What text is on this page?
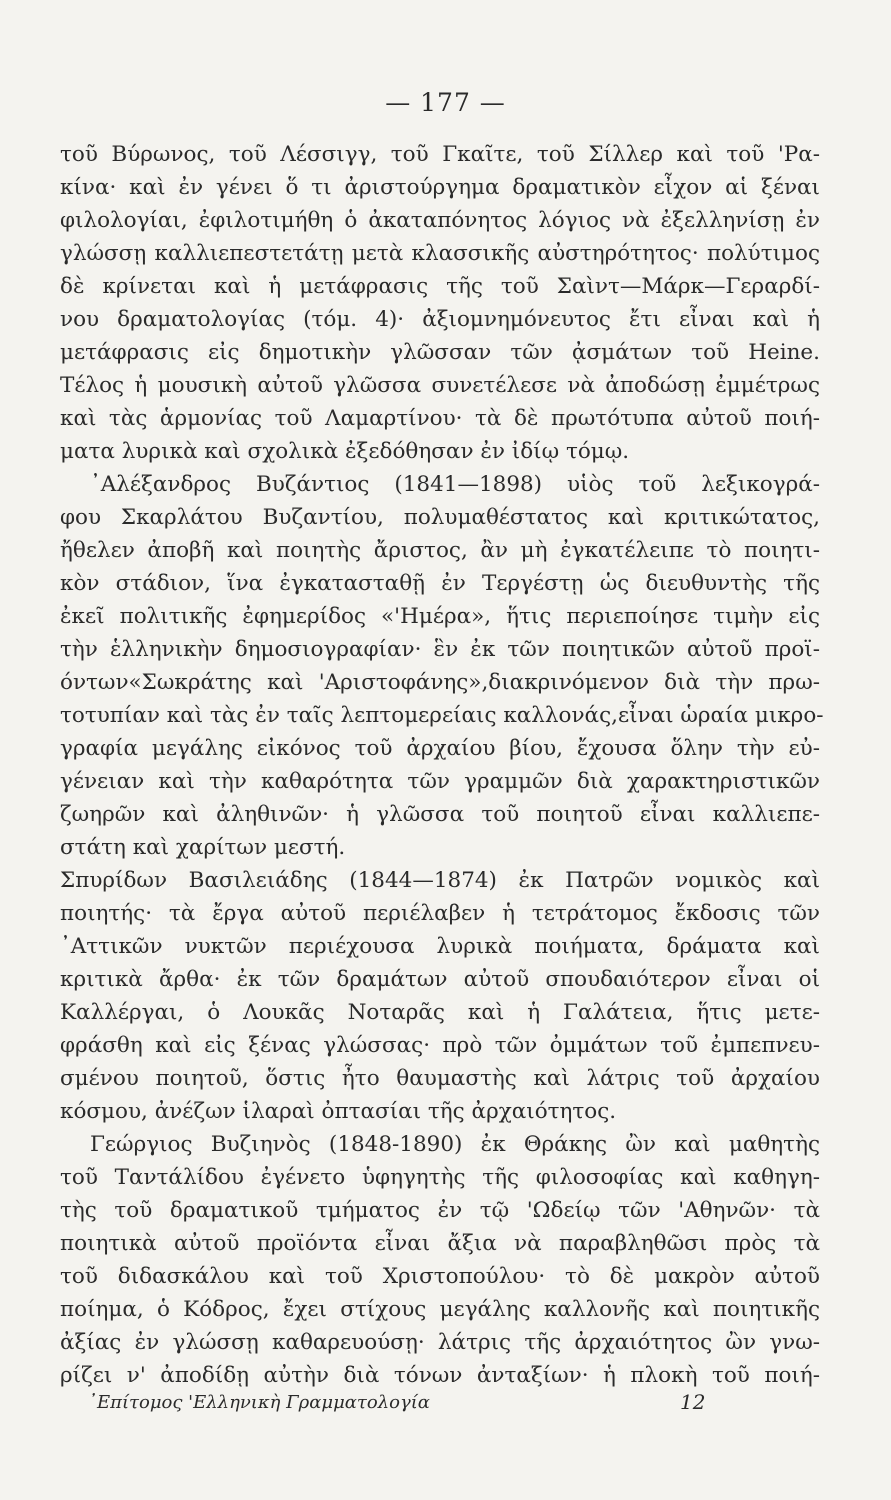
— 177 —
τοῦ Βύρωνος, τοῦ Λέσσιγγ, τοῦ Γκαῖτε, τοῦ Σίλλερ καὶ τοῦ 'Ρα-
κίνα· καὶ ἐν γένει ὅ τι ἀριστούργημα δραματικὸν εἶχον αἱ ξέναι
φιλολογίαι, ἐφιλοτιμήθη ὁ ἀκαταπόνητος λόγιος νὰ ἐξελληνίσῃ ἐν
γλώσσῃ καλλιεπεστετάτῃ μετὰ κλασσικῆς αὐστηρότητος· πολύτιμος
δὲ κρίνεται καὶ ἡ μετάφρασις τῆς τοῦ Σαὶντ—Μάρκ—Γεραρδί-
νου δραματολογίας (τόμ. 4)· ἀξιομνημόνευτος ἔτι εἶναι καὶ ἡ
μετάφρασις εἰς δημοτικὴν γλῶσσαν τῶν ᾀσμάτων τοῦ Heine.
Τέλος ἡ μουσικὴ αὐτοῦ γλῶσσα συνετέλεσε νὰ ἀποδώσῃ ἐμμέτρως
καὶ τὰς ἁρμονίας τοῦ Λαμαρτίνου· τὰ δὲ πρωτότυπα αὐτοῦ ποιή-
ματα λυρικὰ καὶ σχολικὰ ἐξεδόθησαν ἐν ἰδίῳ τόμῳ.
᾿Αλέξανδρος Βυζάντιος (1841—1898) υἱὸς τοῦ λεξικογρά-
φου Σκαρλάτου Βυζαντίου, πολυμαθέστατος καὶ κριτικώτατος,
ἤθελεν ἀποβῆ καὶ ποιητὴς ἄριστος, ἂν μὴ ἐγκατέλειπε τὸ ποιητι-
κὸν στάδιον, ἵνα ἐγκατασταθῇ ἐν Τεργέστῃ ὡς διευθυντὴς τῆς
ἐκεῖ πολιτικῆς ἐφημερίδος «'Ημέρα», ἥτις περιεποίησε τιμὴν εἰς
τὴν ἑλληνικὴν δημοσιογραφίαν· ἓν ἐκ τῶν ποιητικῶν αὐτοῦ προϊ-
όντων«Σωκράτης καὶ 'Αριστοφάνης»,διακρινόμενον διὰ τὴν πρω-
τοτυπίαν καὶ τὰς ἐν ταῖς λεπτομερείαις καλλονάς,εἶναι ὡραία μικρο-
γραφία μεγάλης εἰκόνος τοῦ ἀρχαίου βίου, ἔχουσα ὅλην τὴν εὐ-
γένειαν καὶ τὴν καθαρότητα τῶν γραμμῶν διὰ χαρακτηριστικῶν
ζωηρῶν καὶ ἀληθινῶν· ἡ γλῶσσα τοῦ ποιητοῦ εἶναι καλλιεπε-
στάτη καὶ χαρίτων μεστή.
Σπυρίδων Βασιλειάδης (1844—1874) ἐκ Πατρῶν νομικὸς καὶ
ποιητής· τὰ ἔργα αὐτοῦ περιέλαβεν ἡ τετράτομος ἔκδοσις τῶν
᾿Αττικῶν νυκτῶν περιέχουσα λυρικὰ ποιήματα, δράματα καὶ
κριτικὰ ἄρθα· ἐκ τῶν δραμάτων αὐτοῦ σπουδαιότερον εἶναι οἱ
Καλλέργαι, ὁ Λουκᾶς Νοταρᾶς καὶ ἡ Γαλάτεια, ἥτις μετε-
φράσθη καὶ εἰς ξένας γλώσσας· πρὸ τῶν ὀμμάτων τοῦ ἐμπεπνευ-
σμένου ποιητοῦ, ὅστις ἦτο θαυμαστὴς καὶ λάτρις τοῦ ἀρχαίου
κόσμου, ἀνέζων ἱλαραὶ ὀπτασίαι τῆς ἀρχαιότητος.
Γεώργιος Βυζιηνὸς (1848-1890) ἐκ Θράκης ὢν καὶ μαθητὴς
τοῦ Ταντάλίδου ἐγένετο ὑφηγητὴς τῆς φιλοσοφίας καὶ καθηγη-
τὴς τοῦ δραματικοῦ τμήματος ἐν τῷ 'Ωδείῳ τῶν 'Αθηνῶν· τὰ
ποιητικὰ αὐτοῦ προϊόντα εἶναι ἄξια νὰ παραβληθῶσι πρὸς τὰ
τοῦ διδασκάλου καὶ τοῦ Χριστοπούλου· τὸ δὲ μακρὸν αὐτοῦ
ποίημα, ὁ Κόδρος, ἔχει στίχους μεγάλης καλλονῆς καὶ ποιητικῆς
ἀξίας ἐν γλώσσῃ καθαρευούσῃ· λάτρις τῆς ἀρχαιότητος ὢν γνω-
ρίζει ν' ἀποδίδῃ αὐτὴν διὰ τόνων ἀνταξίων· ἡ πλοκὴ τοῦ ποιή-
᾿Επίτομος 'Ελληνικὴ Γραμματολογία	12
